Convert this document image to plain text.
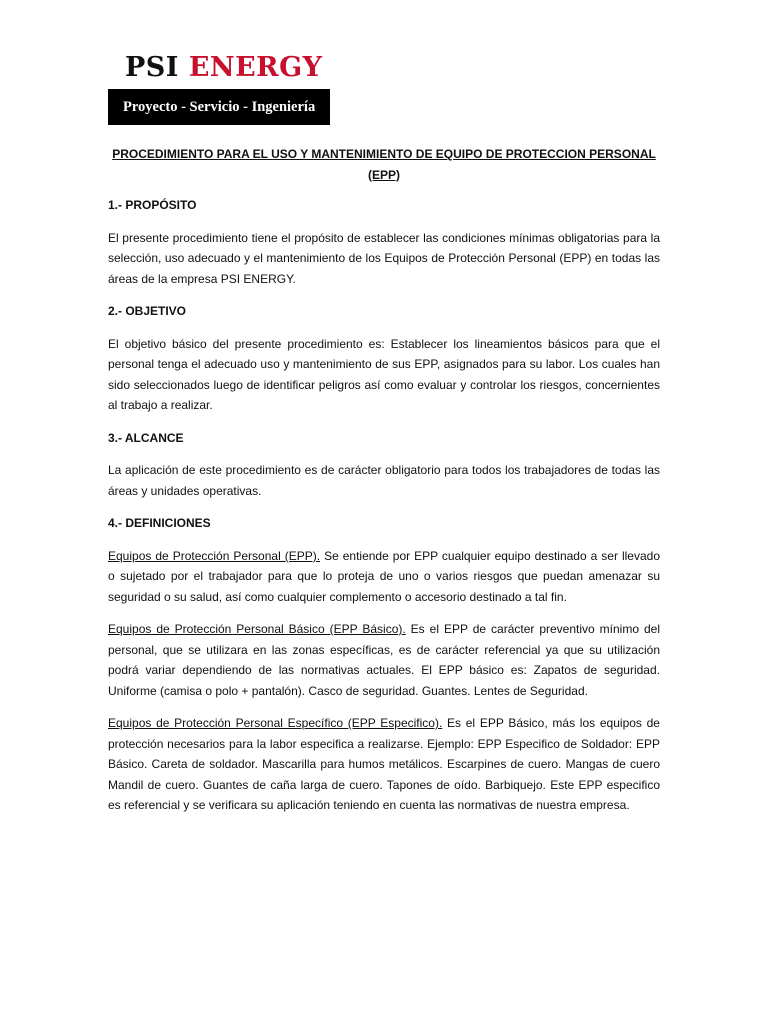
PSI ENERGY
Proyecto - Servicio - Ingeniería
PROCEDIMIENTO PARA EL USO Y MANTENIMIENTO DE EQUIPO DE PROTECCION PERSONAL (EPP)
1.- PROPÓSITO
El presente procedimiento tiene el propósito de establecer las condiciones mínimas obligatorias para la selección, uso adecuado y el mantenimiento de los Equipos de Protección Personal (EPP) en todas las áreas de la empresa PSI ENERGY.
2.- OBJETIVO
El objetivo básico del presente procedimiento es: Establecer los lineamientos básicos para que el personal tenga el adecuado uso y mantenimiento de sus EPP, asignados para su labor. Los cuales han sido seleccionados luego de identificar peligros así como evaluar y controlar los riesgos, concernientes al trabajo a realizar.
3.- ALCANCE
La aplicación de este procedimiento es de carácter obligatorio para todos los trabajadores de todas las áreas y unidades operativas.
4.- DEFINICIONES
Equipos de Protección Personal (EPP). Se entiende por EPP cualquier equipo destinado a ser llevado o sujetado por el trabajador para que lo proteja de uno o varios riesgos que puedan amenazar su seguridad o su salud, así como cualquier complemento o accesorio destinado a tal fin.
Equipos de Protección Personal Básico (EPP Básico). Es el EPP de carácter preventivo mínimo del personal, que se utilizara en las zonas específicas, es de carácter referencial ya que su utilización podrá variar dependiendo de las normativas actuales. El EPP básico es: Zapatos de seguridad. Uniforme (camisa o polo + pantalón). Casco de seguridad. Guantes. Lentes de Seguridad.
Equipos de Protección Personal Específico (EPP Especifico). Es el EPP Básico, más los equipos de protección necesarios para la labor especifica a realizarse. Ejemplo: EPP Especifico de Soldador: EPP Básico. Careta de soldador. Mascarilla para humos metálicos. Escarpines de cuero. Mangas de cuero Mandil de cuero. Guantes de caña larga de cuero. Tapones de oído. Barbiquejo. Este EPP especifico es referencial y se verificara su aplicación teniendo en cuenta las normativas de nuestra empresa.
